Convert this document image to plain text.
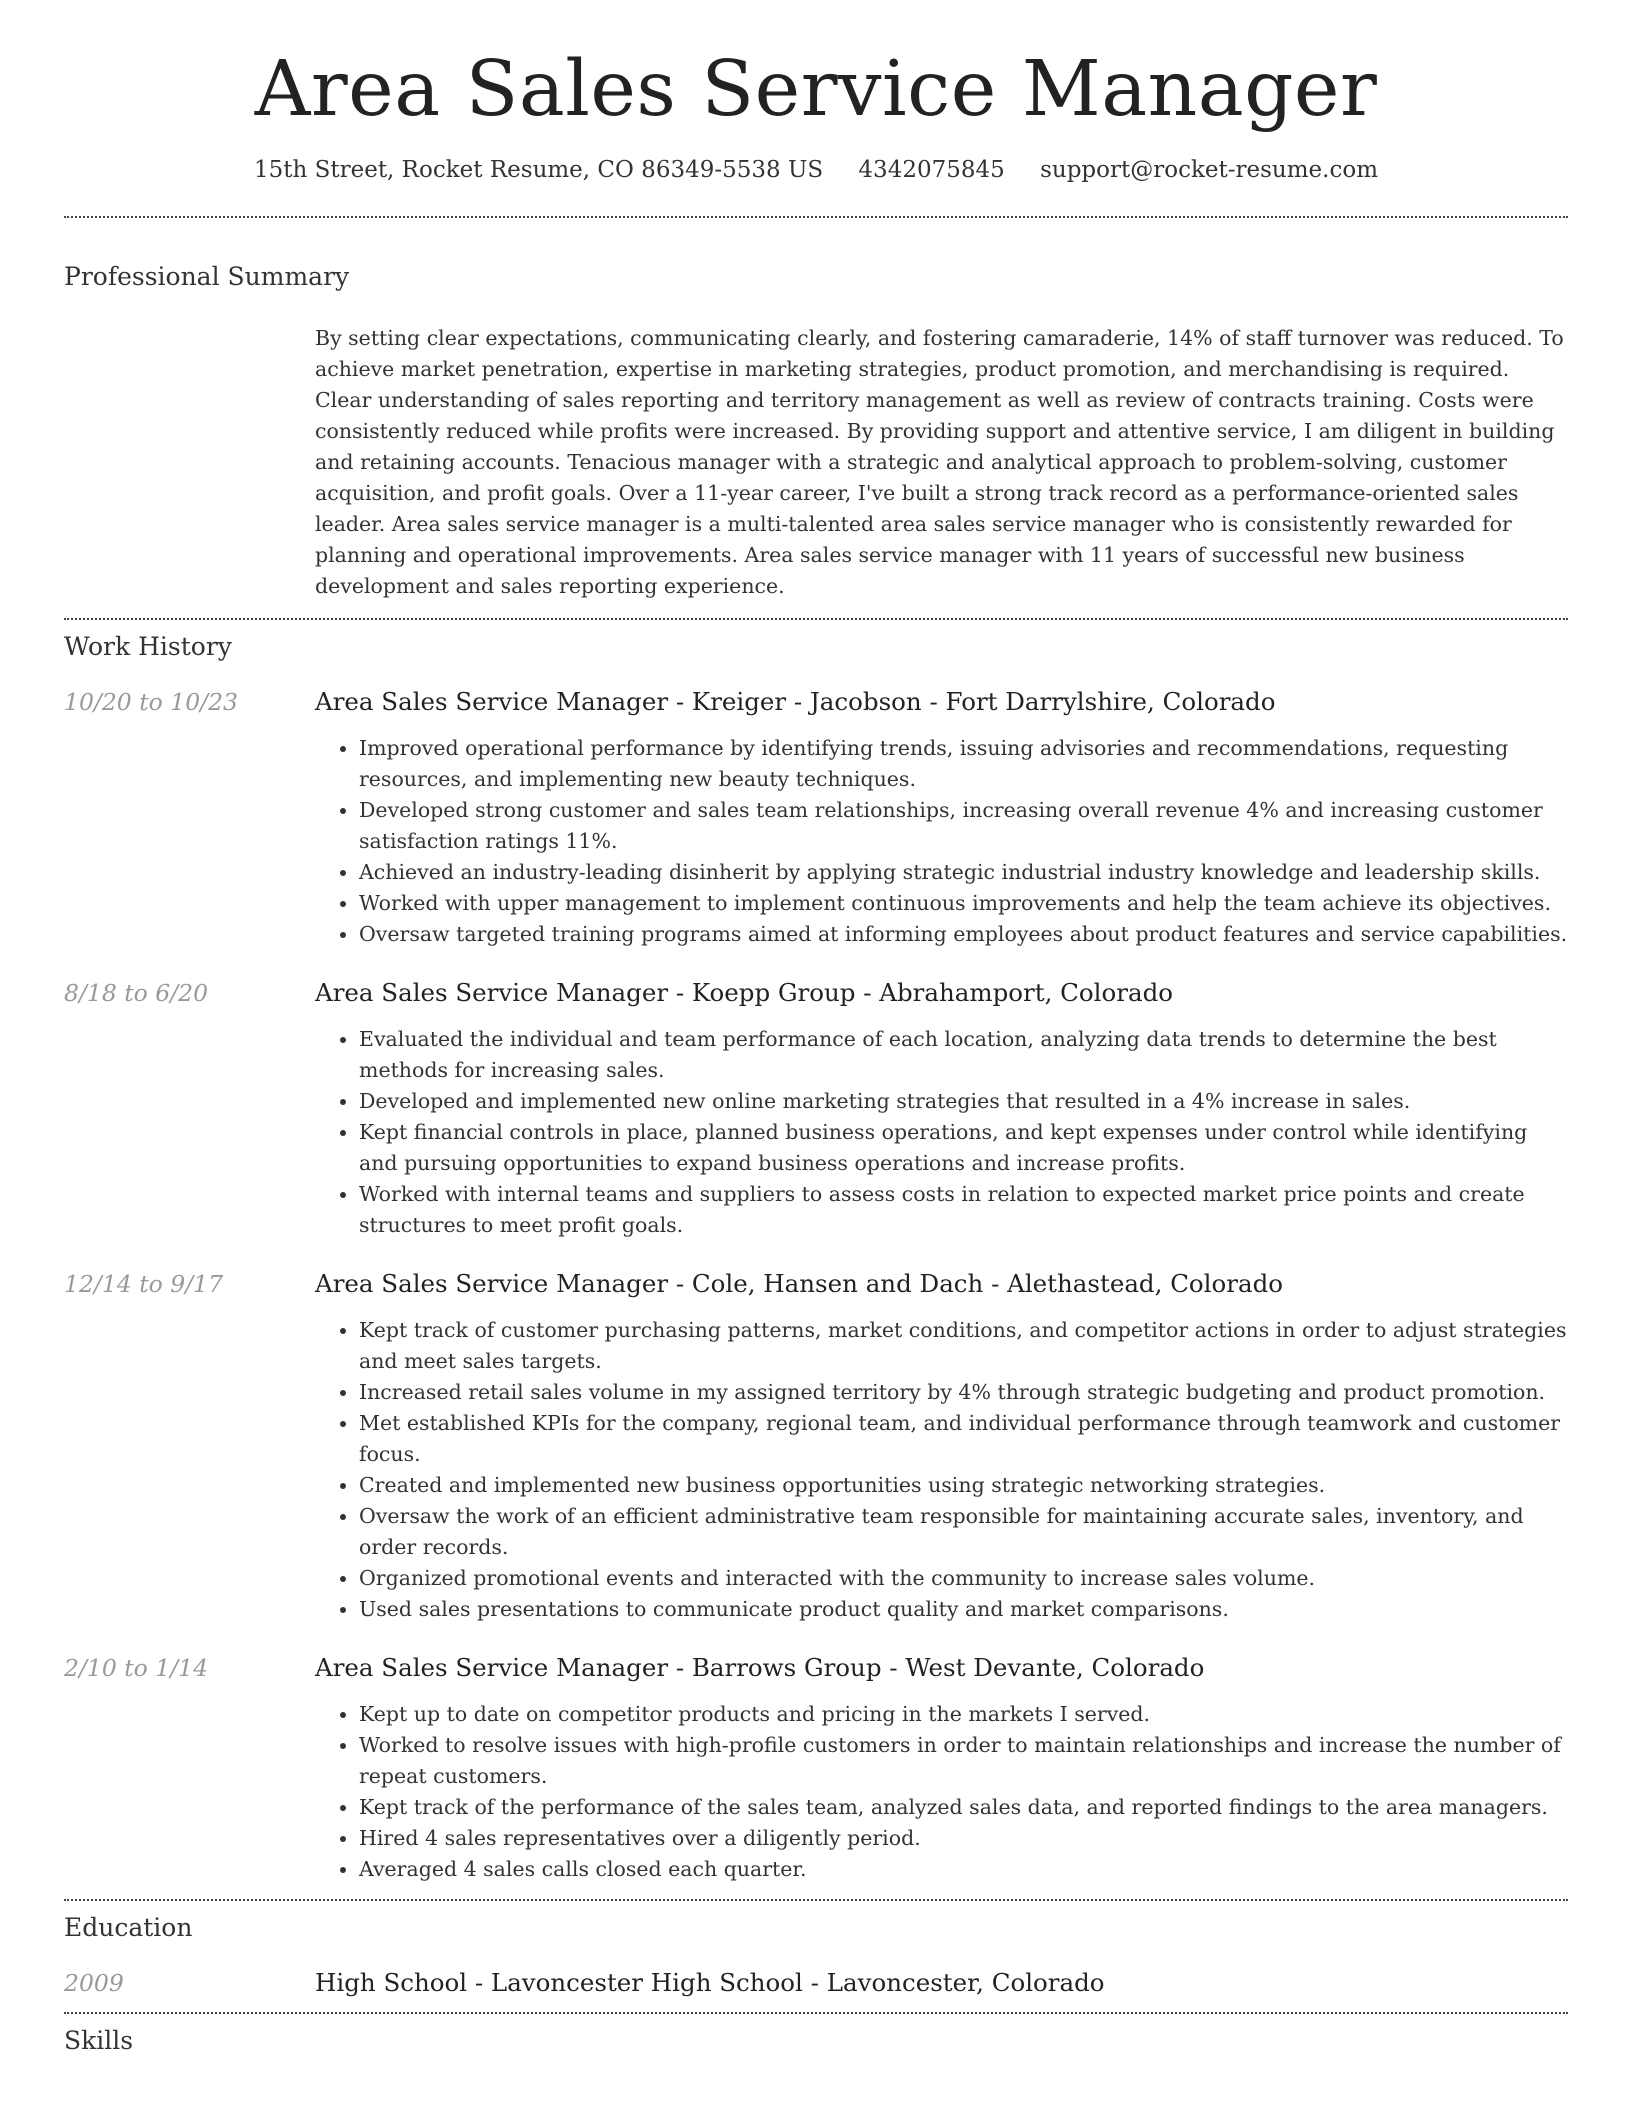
Area Sales Service Manager
15th Street, Rocket Resume, CO 86349-5538 US 4342075845 support@rocket-resume.com
Professional Summary
By setting clear expectations, communicating clearly, and fostering camaraderie, 14% of staff turnover was reduced. To achieve market penetration, expertise in marketing strategies, product promotion, and merchandising is required. Clear understanding of sales reporting and territory management as well as review of contracts training. Costs were consistently reduced while profits were increased. By providing support and attentive service, I am diligent in building and retaining accounts. Tenacious manager with a strategic and analytical approach to problem-solving, customer acquisition, and profit goals. Over a 11-year career, I've built a strong track record as a performance-oriented sales leader. Area sales service manager is a multi-talented area sales service manager who is consistently rewarded for planning and operational improvements. Area sales service manager with 11 years of successful new business development and sales reporting experience.
Work History
10/20 to 10/23	Area Sales Service Manager - Kreiger - Jacobson - Fort Darrylshire, Colorado
• Improved operational performance by identifying trends, issuing advisories and recommendations, requesting resources, and implementing new beauty techniques.
• Developed strong customer and sales team relationships, increasing overall revenue 4% and increasing customer satisfaction ratings 11%.
• Achieved an industry-leading disinherit by applying strategic industrial industry knowledge and leadership skills.
• Worked with upper management to implement continuous improvements and help the team achieve its objectives.
• Oversaw targeted training programs aimed at informing employees about product features and service capabilities.
8/18 to 6/20	Area Sales Service Manager - Koepp Group - Abrahamport, Colorado
• Evaluated the individual and team performance of each location, analyzing data trends to determine the best methods for increasing sales.
• Developed and implemented new online marketing strategies that resulted in a 4% increase in sales.
• Kept financial controls in place, planned business operations, and kept expenses under control while identifying and pursuing opportunities to expand business operations and increase profits.
• Worked with internal teams and suppliers to assess costs in relation to expected market price points and create structures to meet profit goals.
12/14 to 9/17	Area Sales Service Manager - Cole, Hansen and Dach - Alethastead, Colorado
• Kept track of customer purchasing patterns, market conditions, and competitor actions in order to adjust strategies and meet sales targets.
• Increased retail sales volume in my assigned territory by 4% through strategic budgeting and product promotion.
• Met established KPIs for the company, regional team, and individual performance through teamwork and customer focus.
• Created and implemented new business opportunities using strategic networking strategies.
• Oversaw the work of an efficient administrative team responsible for maintaining accurate sales, inventory, and order records.
• Organized promotional events and interacted with the community to increase sales volume.
• Used sales presentations to communicate product quality and market comparisons.
2/10 to 1/14	Area Sales Service Manager - Barrows Group - West Devante, Colorado
• Kept up to date on competitor products and pricing in the markets I served.
• Worked to resolve issues with high-profile customers in order to maintain relationships and increase the number of repeat customers.
• Kept track of the performance of the sales team, analyzed sales data, and reported findings to the area managers.
• Hired 4 sales representatives over a diligently period.
• Averaged 4 sales calls closed each quarter.
Education
2009	High School - Lavoncester High School - Lavoncester, Colorado
Skills
